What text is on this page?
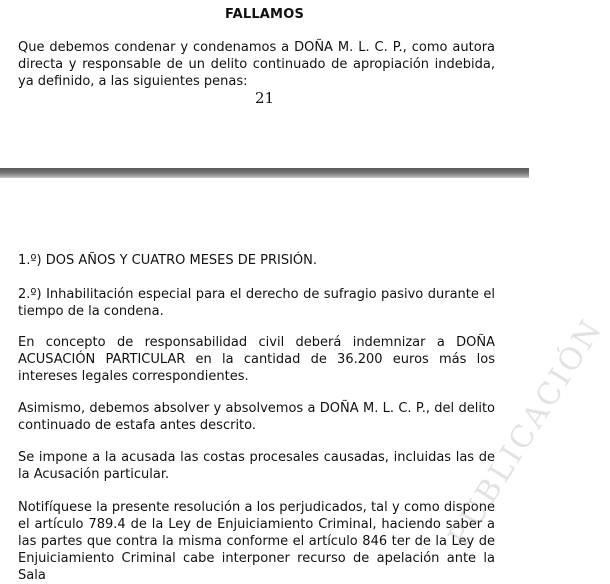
FALLAMOS
Que debemos condenar y condenamos a DOÑA M. L. C. P., como autora directa y responsable de un delito continuado de apropiación indebida, ya definido, a las siguientes penas:
21
1.º) DOS AÑOS Y CUATRO MESES DE PRISIÓN.
2.º) Inhabilitación especial para el derecho de sufragio pasivo durante el tiempo de la condena.
En concepto de responsabilidad civil deberá indemnizar a DOÑA ACUSACIÓN PARTICULAR en la cantidad de 36.200 euros más los intereses legales correspondientes.
Asimismo, debemos absolver y absolvemos a DOÑA M. L. C. P., del delito continuado de estafa antes descrito.
Se impone a la acusada las costas procesales causadas, incluidas las de la Acusación particular.
Notifíquese la presente resolución a los perjudicados, tal y como dispone el artículo 789.4 de la Ley de Enjuiciamiento Criminal, haciendo saber a las partes que contra la misma conforme el artículo 846 ter de la Ley de Enjuiciamiento Criminal cabe interponer recurso de apelación ante la Sala
PUBLICACIÓN
